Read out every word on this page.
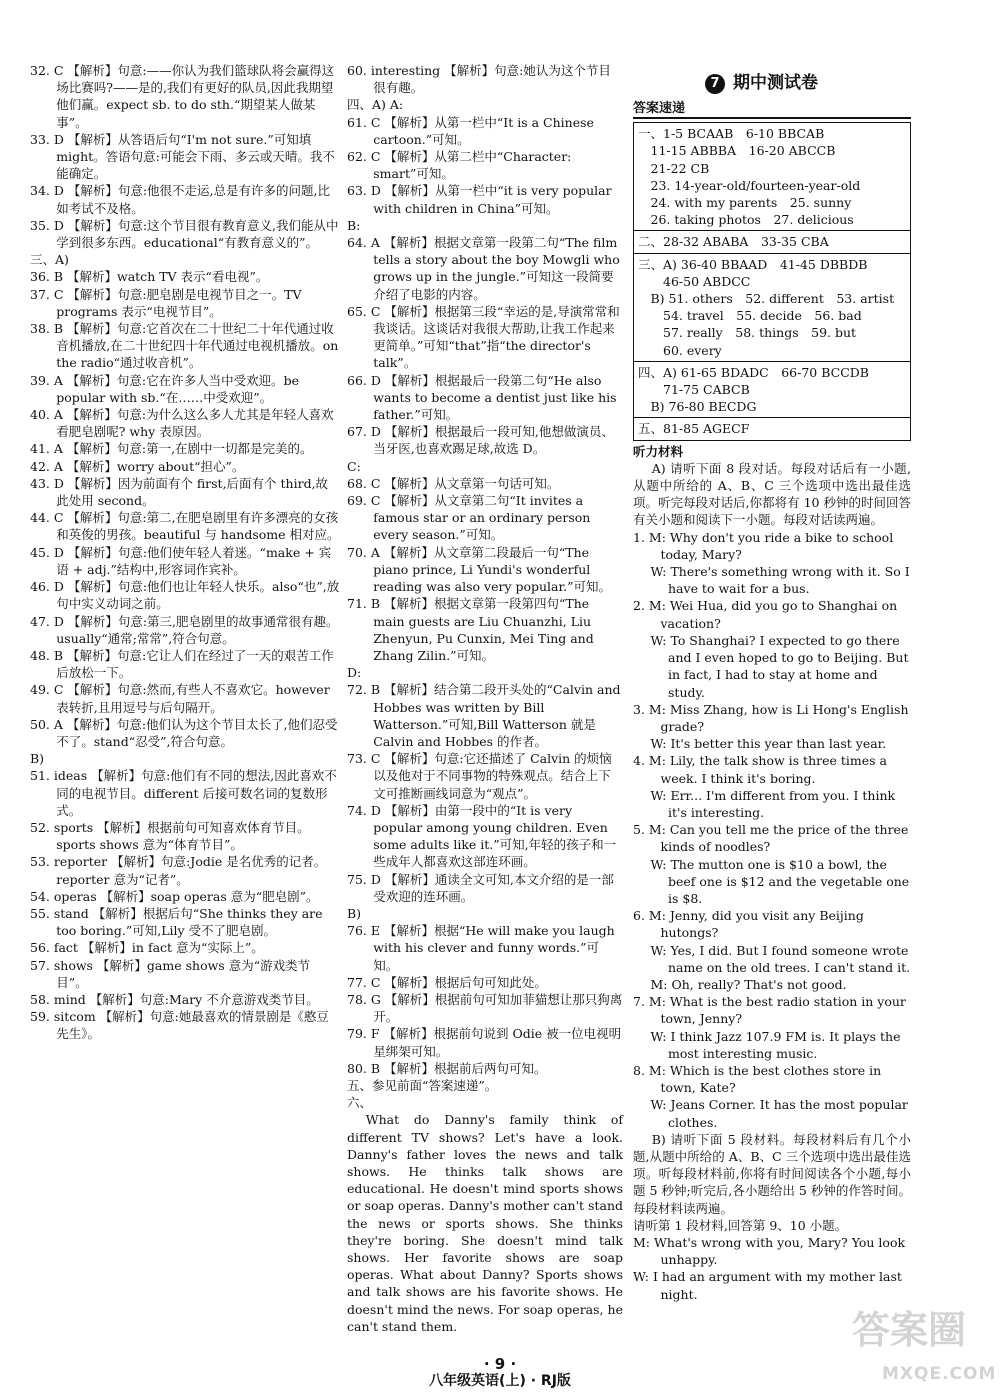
32. C 【解析】句意:——你认为我们篮球队将会赢得这场比赛吗?——是的,我们有更好的队员,因此我期望他们赢。expect sb. to do sth.“期望某人做某事”。
33. D 【解析】从答语后句“I'm not sure.”可知填 might。答语句意:可能会下雨、多云或天晴。我不能确定。
34. D 【解析】句意:他很不走运,总是有许多的问题,比如考试不及格。
35. D 【解析】句意:这个节目很有教育意义,我们能从中学到很多东西。educational“有教育意义的”。
三、A)
36. B 【解析】watch TV 表示“看电视”。
37. C 【解析】句意:肥皂剧是电视节目之一。TV programs 表示“电视节目”。
38. B 【解析】句意:它首次在二十世纪二十年代通过收音机播放,在二十世纪四十年代通过电视机播放。on the radio“通过收音机”。
39. A 【解析】句意:它在许多人当中受欢迎。be popular with sb.“在……中受欢迎”。
40. A 【解析】句意:为什么这么多人尤其是年轻人喜欢看肥皂剧呢? why 表原因。
41. A 【解析】句意:第一,在剧中一切都是完美的。
42. A 【解析】worry about“担心”。
43. D 【解析】因为前面有个 first,后面有个 third,故此处用 second。
44. C 【解析】句意:第二,在肥皂剧里有许多漂亮的女孩和英俊的男孩。beautiful 与 handsome 相对应。
45. D 【解析】句意:他们使年轻人着迷。“make + 宾语 + adj.”结构中,形容词作宾补。
46. D 【解析】句意:他们也让年轻人快乐。also“也”,放句中实义动词之前。
47. D 【解析】句意:第三,肥皂剧里的故事通常很有趣。usually“通常;常常”,符合句意。
48. B 【解析】句意:它让人们在经过了一天的艰苦工作后放松一下。
49. C 【解析】句意:然而,有些人不喜欢它。however 表转折,且用逗号与后句隔开。
50. A 【解析】句意:他们认为这个节目太长了,他们忍受不了。stand“忍受”,符合句意。
B)
51. ideas 【解析】句意:他们有不同的想法,因此喜欢不同的电视节目。different 后接可数名词的复数形式。
52. sports 【解析】根据前句可知喜欢体育节目。sports shows 意为“体育节目”。
53. reporter 【解析】句意:Jodie 是名优秀的记者。reporter 意为“记者”。
54. operas 【解析】soap operas 意为“肥皂剧”。
55. stand 【解析】根据后句“She thinks they are too boring.”可知,Lily 受不了肥皂剧。
56. fact 【解析】in fact 意为“实际上”。
57. shows 【解析】game shows 意为“游戏类节目”。
58. mind 【解析】句意:Mary 不介意游戏类节目。
59. sitcom 【解析】句意:她最喜欢的情景剧是《憨豆先生》。
60. interesting 【解析】句意:她认为这个节目很有趣。
四、A) A:
61. C 【解析】从第一栏中“It is a Chinese cartoon.”可知。
62. C 【解析】从第二栏中“Character: smart”可知。
63. D 【解析】从第一栏中“it is very popular with children in China”可知。
B:
64. A 【解析】根据文章第一段第二句“The film tells a story about the boy Mowgli who grows up in the jungle.”可知这一段简要介绍了电影的内容。
65. C 【解析】根据第三段“幸运的是,导演常常和我谈话。这谈话对我很大帮助,让我工作起来更简单。”可知“that”指“the director's talk”。
66. D 【解析】根据最后一段第二句“He also wants to become a dentist just like his father.”可知。
67. D 【解析】根据最后一段可知,他想做演员、当牙医,也喜欢踢足球,故选 D。
C:
68. C 【解析】从文章第一句话可知。
69. C 【解析】从文章第二句“It invites a famous star or an ordinary person every season.”可知。
70. A 【解析】从文章第二段最后一句“The piano prince, Li Yundi's wonderful reading was also very popular.”可知。
71. B 【解析】根据文章第一段第四句“The main guests are Liu Chuanzhi, Liu Zhenyun, Pu Cunxin, Mei Ting and Zhang Zilin.”可知。
D:
72. B 【解析】结合第二段开头处的“Calvin and Hobbes was written by Bill Watterson.”可知,Bill Watterson 就是 Calvin and Hobbes 的作者。
73. C 【解析】句意:它还描述了 Calvin 的烦恼以及他对于不同事物的特殊观点。结合上下文可推断画线词意为“观点”。
74. D 【解析】由第一段中的“It is very popular among young children. Even some adults like it.”可知,年轻的孩子和一些成年人都喜欢这部连环画。
75. D 【解析】通读全文可知,本文介绍的是一部受欢迎的连环画。
B)
76. E 【解析】根据“He will make you laugh with his clever and funny words.”可知。
77. C 【解析】根据后句可知此处。
78. G 【解析】根据前句可知加菲猫想让那只狗离开。
79. F 【解析】根据前句说到 Odie 被一位电视明星绑架可知。
80. B 【解析】根据前后两句可知。
五、参见前面“答案速递”。
六、
What do Danny's family think of different TV shows? Let's have a look. Danny's father loves the news and talk shows. He thinks talk shows are educational. He doesn't mind sports shows or soap operas. Danny's mother can't stand the news or sports shows. She thinks they're boring. She doesn't mind talk shows. Her favorite shows are soap operas. What about Danny? Sports shows and talk shows are his favorite shows. He doesn't mind the news. For soap operas, he can't stand them.
7 期中测试卷
答案速递
一、1-5 BCAAB　6-10 BBCAB
　11-15 ABBBA　16-20 ABCCB
　21-22 CB
　23. 14-year-old/fourteen-year-old
　24. with my parents　25. sunny
　26. taking photos　27. delicious
二、28-32 ABABA　33-35 CBA
三、A) 36-40 BBAAD　41-45 DBBDB
　　46-50 ABDCC
　B) 51. others　52. different　53. artist
　　54. travel　55. decide　56. bad
　　57. really　58. things　59. but
　　60. every
四、A) 61-65 BDADC　66-70 BCCDB
　　71-75 CABCB
　B) 76-80 BECDG
五、81-85 AGECF
听力材料
A) 请听下面 8 段对话。每段对话后有一小题,从题中所给的 A、B、C 三个选项中选出最佳选项。听完每段对话后,你都将有 10 秒钟的时间回答有关小题和阅读下一小题。每段对话读两遍。
1. M: Why don't you ride a bike to school today, Mary?
W: There's something wrong with it. So I have to wait for a bus.
2. M: Wei Hua, did you go to Shanghai on vacation?
W: To Shanghai? I expected to go there and I even hoped to go to Beijing. But in fact, I had to stay at home and study.
3. M: Miss Zhang, how is Li Hong's English grade?
W: It's better this year than last year.
4. M: Lily, the talk show is three times a week. I think it's boring.
W: Err... I'm different from you. I think it's interesting.
5. M: Can you tell me the price of the three kinds of noodles?
W: The mutton one is $10 a bowl, the beef one is $12 and the vegetable one is $8.
6. M: Jenny, did you visit any Beijing hutongs?
W: Yes, I did. But I found someone wrote name on the old trees. I can't stand it.
M: Oh, really? That's not good.
7. M: What is the best radio station in your town, Jenny?
W: I think Jazz 107.9 FM is. It plays the most interesting music.
8. M: Which is the best clothes store in town, Kate?
W: Jeans Corner. It has the most popular clothes.
B) 请听下面 5 段材料。每段材料后有几个小题,从题中所给的 A、B、C 三个选项中选出最佳选项。听每段材料前,你将有时间阅读各个小题,每小题 5 秒钟;听完后,各小题给出 5 秒钟的作答时间。每段材料读两遍。
请听第 1 段材料,回答第 9、10 小题。
M: What's wrong with you, Mary? You look unhappy.
W: I had an argument with my mother last night.
· 9 ·
八年级英语(上) · RJ版
答案圈
MXQE.COM
